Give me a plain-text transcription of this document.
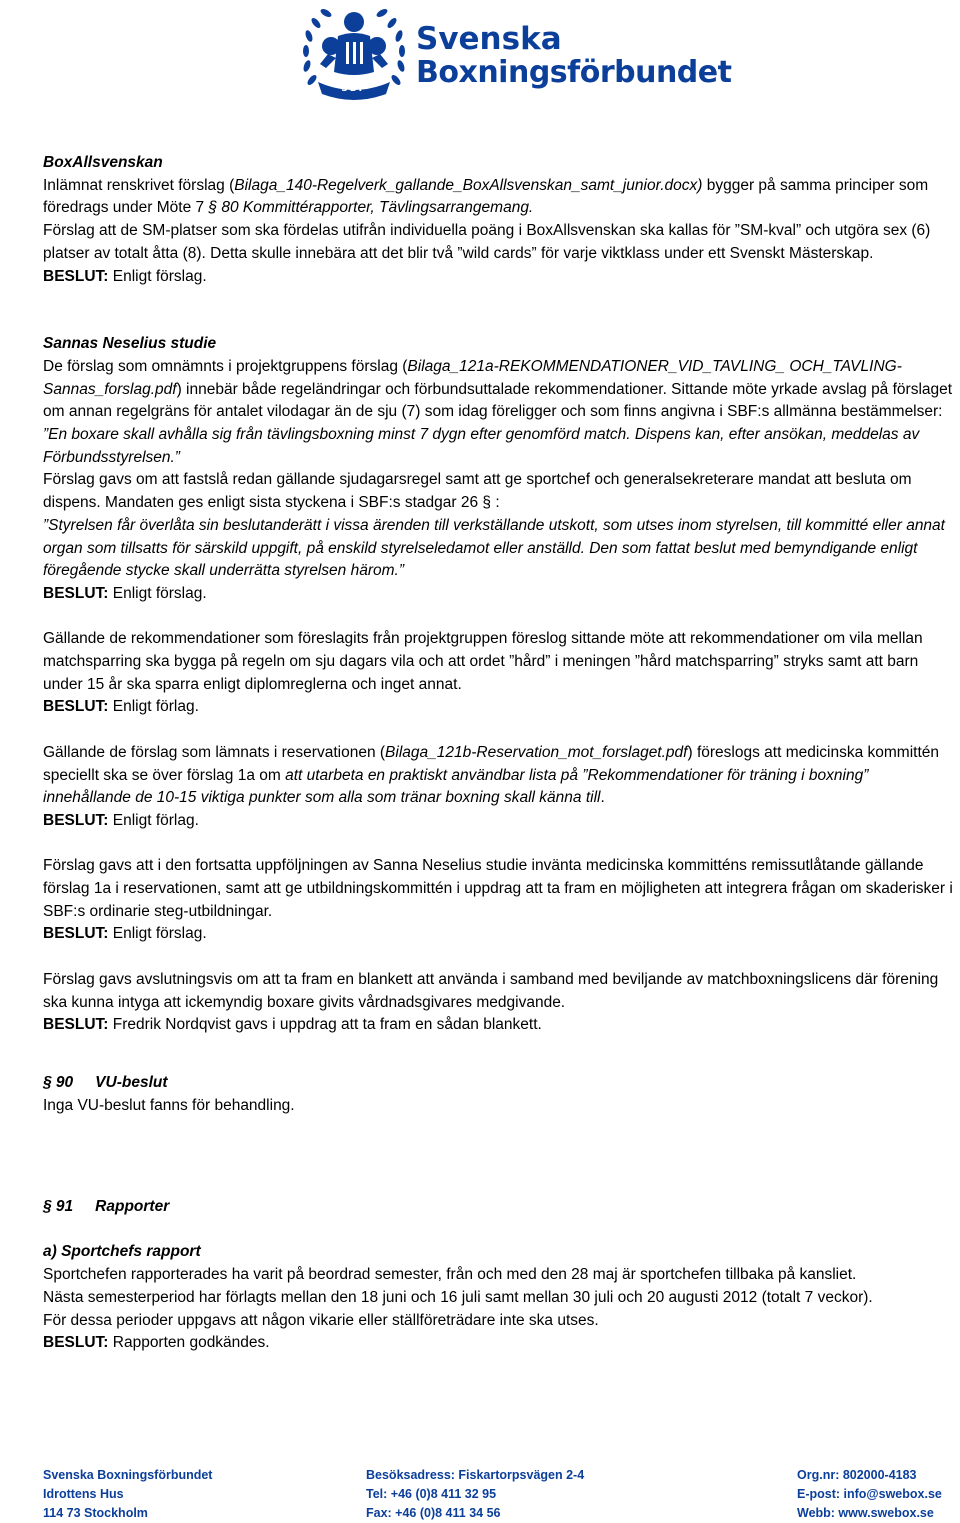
SBF
Svenska
Boxningsförbundet

BoxAllsvenskan

Inlämnat renskrivet förslag (Bilaga_140-Regelverk_gallande_BoxAllsvenskan_samt_junior.docx) bygger på samma principer som föredrags under Möte 7 § 80 Kommittérapporter, Tävlingsarrangemang.

Förslag att de SM-platser som ska fördelas utifrån individuella poäng i BoxAllsvenskan ska kallas för ”SM-kval” och utgöra sex (6) platser av totalt åtta (8). Detta skulle innebära att det blir två ”wild cards” för varje viktklass under ett Svenskt Mästerskap.

BESLUT: Enligt förslag.

Sannas Neselius studie

De förslag som omnämnts i projektgruppens förslag (Bilaga_121a-REKOMMENDATIONER_VID_TAVLING_ OCH_TAVLING-Sannas_forslag.pdf) innebär både regeländringar och förbundsuttalade rekommendationer. Sittande möte yrkade avslag på förslaget om annan regelgräns för antalet vilodagar än de sju (7) som idag föreligger och som finns angivna i SBF:s allmänna bestämmelser: ”En boxare skall avhålla sig från tävlingsboxning minst 7 dygn efter genomförd match. Dispens kan, efter ansökan, meddelas av Förbundsstyrelsen.”

Förslag gavs om att fastslå redan gällande sjudagarsregel samt att ge sportchef och generalsekreterare mandat att besluta om dispens. Mandaten ges enligt sista styckena i SBF:s stadgar 26 § :

”Styrelsen får överlåta sin beslutanderätt i vissa ärenden till verkställande utskott, som utses inom styrelsen, till kommitté eller annat organ som tillsatts för särskild uppgift, på enskild styrelseledamot eller anställd. Den som fattat beslut med bemyndigande enligt föregående stycke skall underrätta styrelsen härom.”

BESLUT: Enligt förslag.

Gällande de rekommendationer som föreslagits från projektgruppen föreslog sittande möte att rekommendationer om vila mellan matchsparring ska bygga på regeln om sju dagars vila och att ordet ”hård” i meningen ”hård matchsparring” stryks samt att barn under 15 år ska sparra enligt diplomreglerna och inget annat.

BESLUT: Enligt förlag.

Gällande de förslag som lämnats i reservationen (Bilaga_121b-Reservation_mot_forslaget.pdf) föreslogs att medicinska kommittén speciellt ska se över förslag 1a om att utarbeta en praktiskt användbar lista på ”Rekommendationer för träning i boxning” innehållande de 10-15 viktiga punkter som alla som tränar boxning skall känna till.

BESLUT: Enligt förlag.

Förslag gavs att i den fortsatta uppföljningen av Sanna Neselius studie invänta medicinska kommitténs remissutlåtande gällande förslag 1a i reservationen, samt att ge utbildningskommittén i uppdrag att ta fram en möjligheten att integrera frågan om skaderisker i SBF:s ordinarie steg-utbildningar.

BESLUT: Enligt förslag.

Förslag gavs avslutningsvis om att ta fram en blankett att använda i samband med beviljande av matchboxningslicens där förening ska kunna intyga att ickemyndig boxare givits vårdnadsgivares medgivande.

BESLUT: Fredrik Nordqvist gavs i uppdrag att ta fram en sådan blankett.

§ 90 VU-beslut

Inga VU-beslut fanns för behandling.

§ 91 Rapporter

a) Sportchefs rapport

Sportchefen rapporterades ha varit på beordrad semester, från och med den 28 maj är sportchefen tillbaka på kansliet.

Nästa semesterperiod har förlagts mellan den 18 juni och 16 juli samt mellan 30 juli och 20 augusti 2012 (totalt 7 veckor).

För dessa perioder uppgavs att någon vikarie eller ställföreträdare inte ska utses.

BESLUT: Rapporten godkändes.

Svenska Boxningsförbundet
Idrottens Hus
114 73 Stockholm
Besöksadress: Fiskartorpsvägen 2-4
Tel: +46 (0)8 411 32 95
Fax: +46 (0)8 411 34 56
Org.nr: 802000-4183
E-post: info@swebox.se
Webb: www.swebox.se
